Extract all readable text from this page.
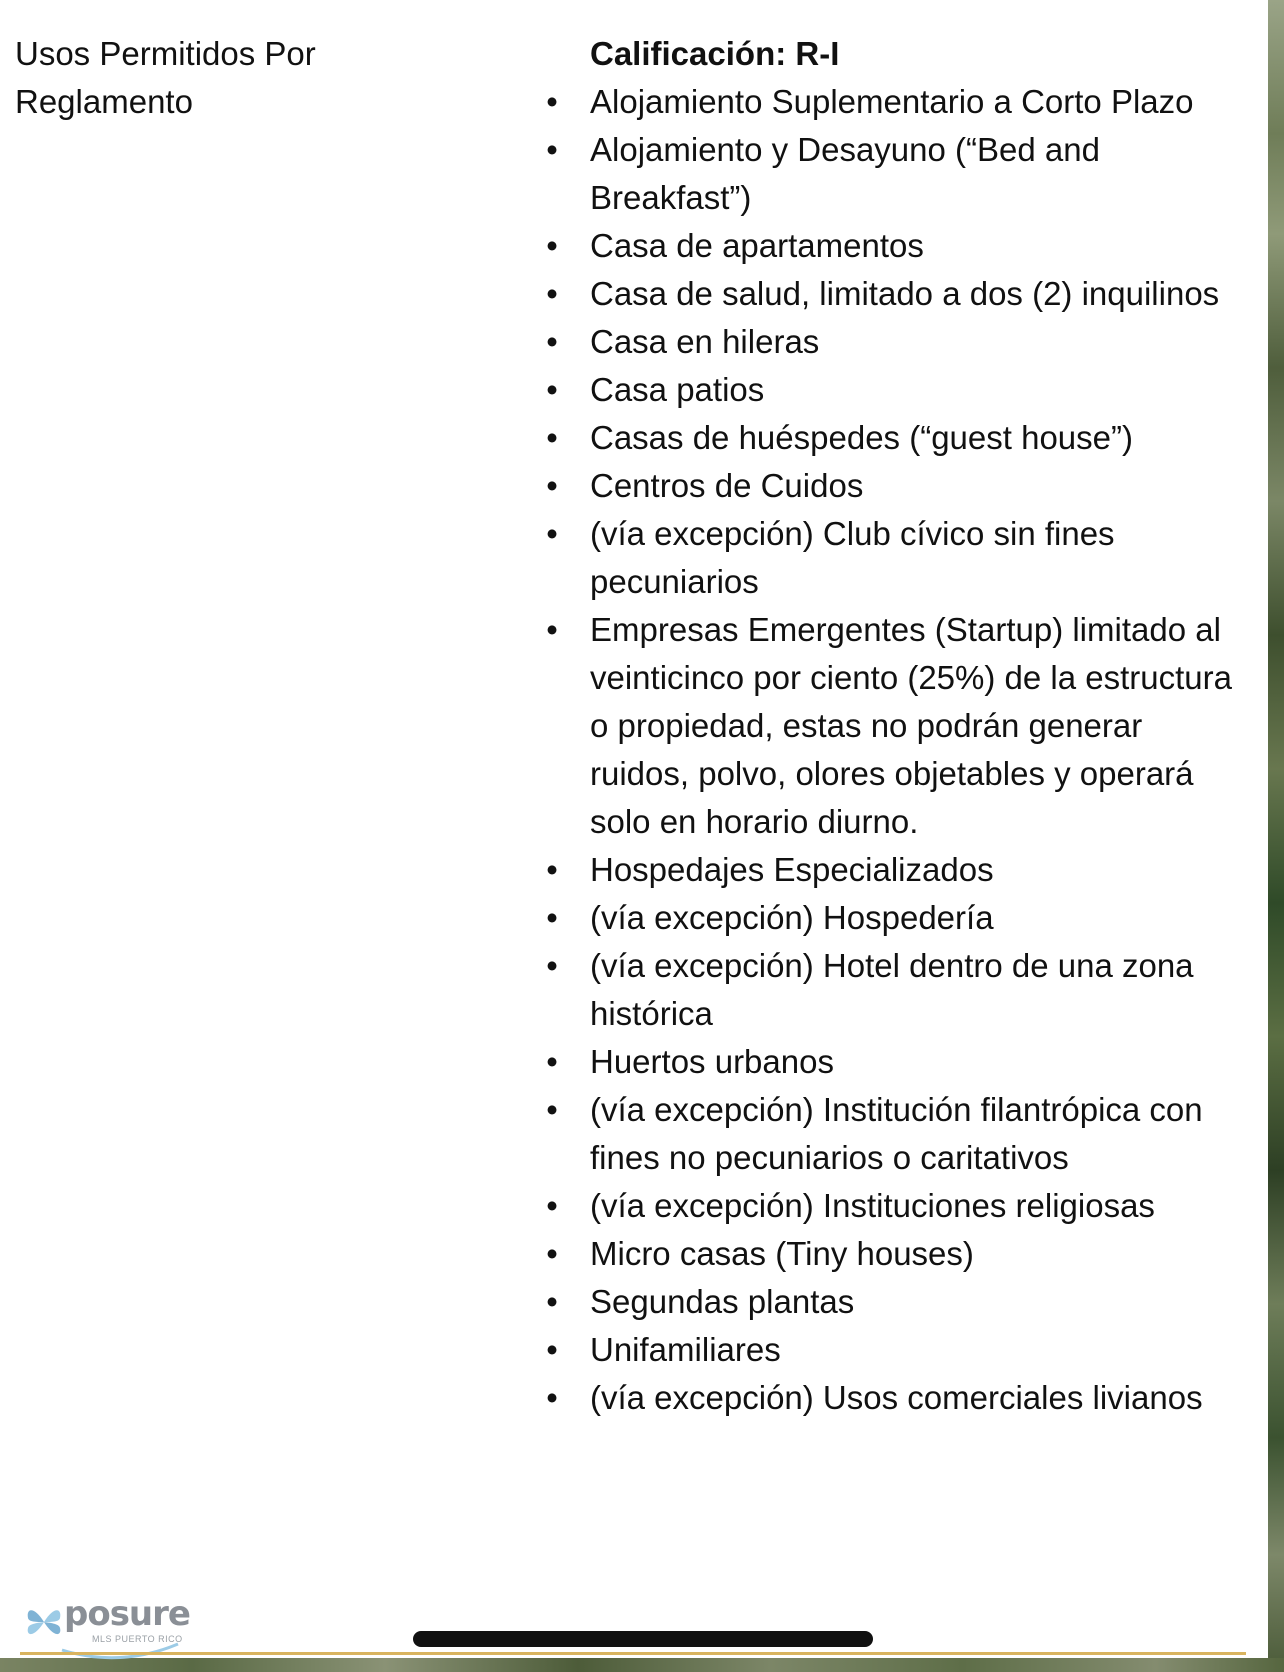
Usos Permitidos Por Reglamento

Calificación: R-I

• Alojamiento Suplementario a Corto Plazo
• Alojamiento y Desayuno (“Bed and Breakfast”)
• Casa de apartamentos
• Casa de salud, limitado a dos (2) inquilinos
• Casa en hileras
• Casa patios
• Casas de huéspedes (“guest house”)
• Centros de Cuidos
• (vía excepción) Club cívico sin fines pecuniarios
• Empresas Emergentes (Startup) limitado al veinticinco por ciento (25%) de la estructura o propiedad, estas no podrán generar ruidos, polvo, olores objetables y operará solo en horario diurno.
• Hospedajes Especializados
• (vía excepción) Hospedería
• (vía excepción) Hotel dentro de una zona histórica
• Huertos urbanos
• (vía excepción) Institución filantrópica con fines no pecuniarios o caritativos
• (vía excepción) Instituciones religiosas
• Micro casas (Tiny houses)
• Segundas plantas
• Unifamiliares
• (vía excepción) Usos comerciales livianos
posure
MLS PUERTO RICO
